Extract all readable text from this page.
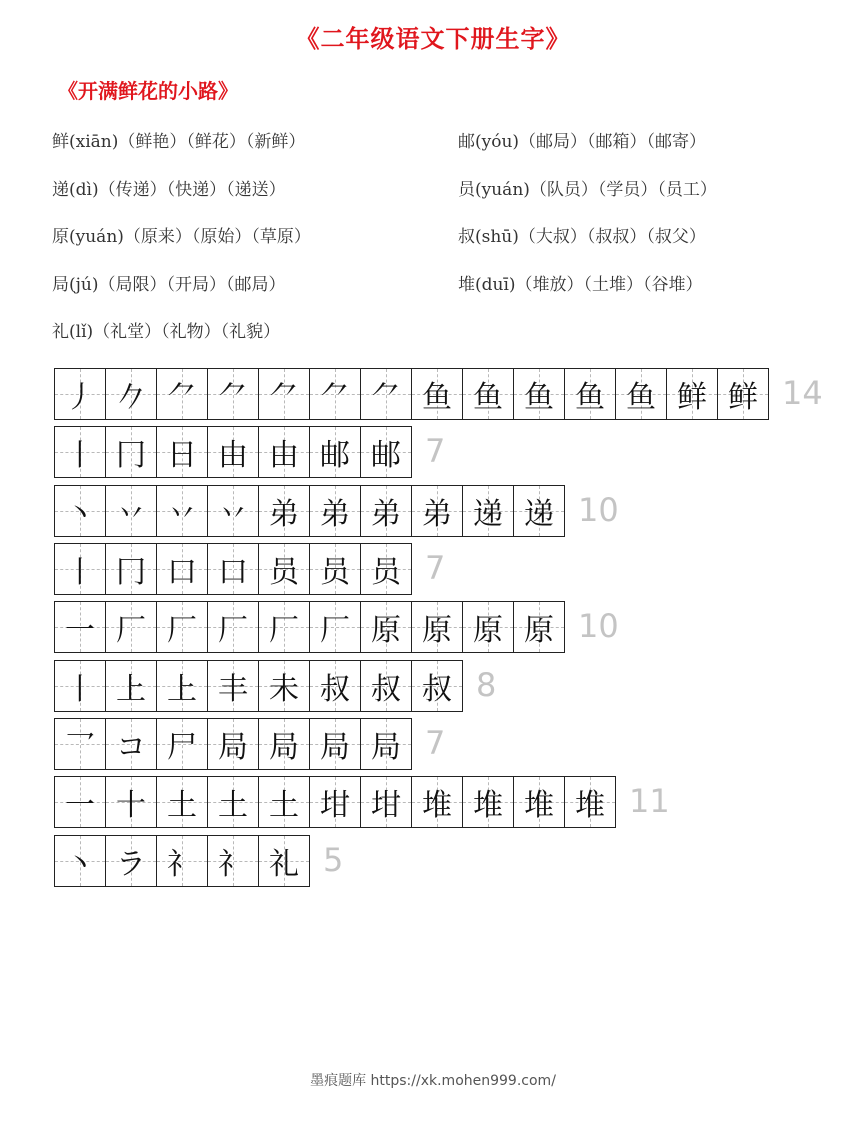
《二年级语文下册生字》
《开满鲜花的小路》
鲜(xiān)（鲜艳）（鲜花）（新鲜）	邮(yóu)（邮局）（邮箱）（邮寄）
递(dì)（传递）（快递）（递送）	员(yuán)（队员）（学员）（员工）
原(yuán)（原来）（原始）（草原）	叔(shū)（大叔）（叔叔）（叔父）
局(jú)（局限）（开局）（邮局）	堆(duī)（堆放）（土堆）（谷堆）
礼(lǐ)（礼堂）（礼物）（礼貌）
丿 𠂊 ⺈ ⺈ ⺈ ⺈ ⺈ 鱼 鱼 鱼 鱼 鱼 鲜 鲜 14
丨 冂 日 由 由 邮 邮 7
丶 丷 丷 丷 弟 弟 弟 弟 递 递 10
丨 冂 口 口 员 员 员 7
一 厂 厂 厂 厂 厂 原 原 原 原 10
丨 上 上 丰 未 叔 叔 叔 8
乛 コ 尸 局 局 局 局 7
一 十 土 土 土 坩 坩 堆 堆 堆 堆 11
丶 ラ 礻 礻 礼 5
墨痕题库 https://xk.mohen999.com/
